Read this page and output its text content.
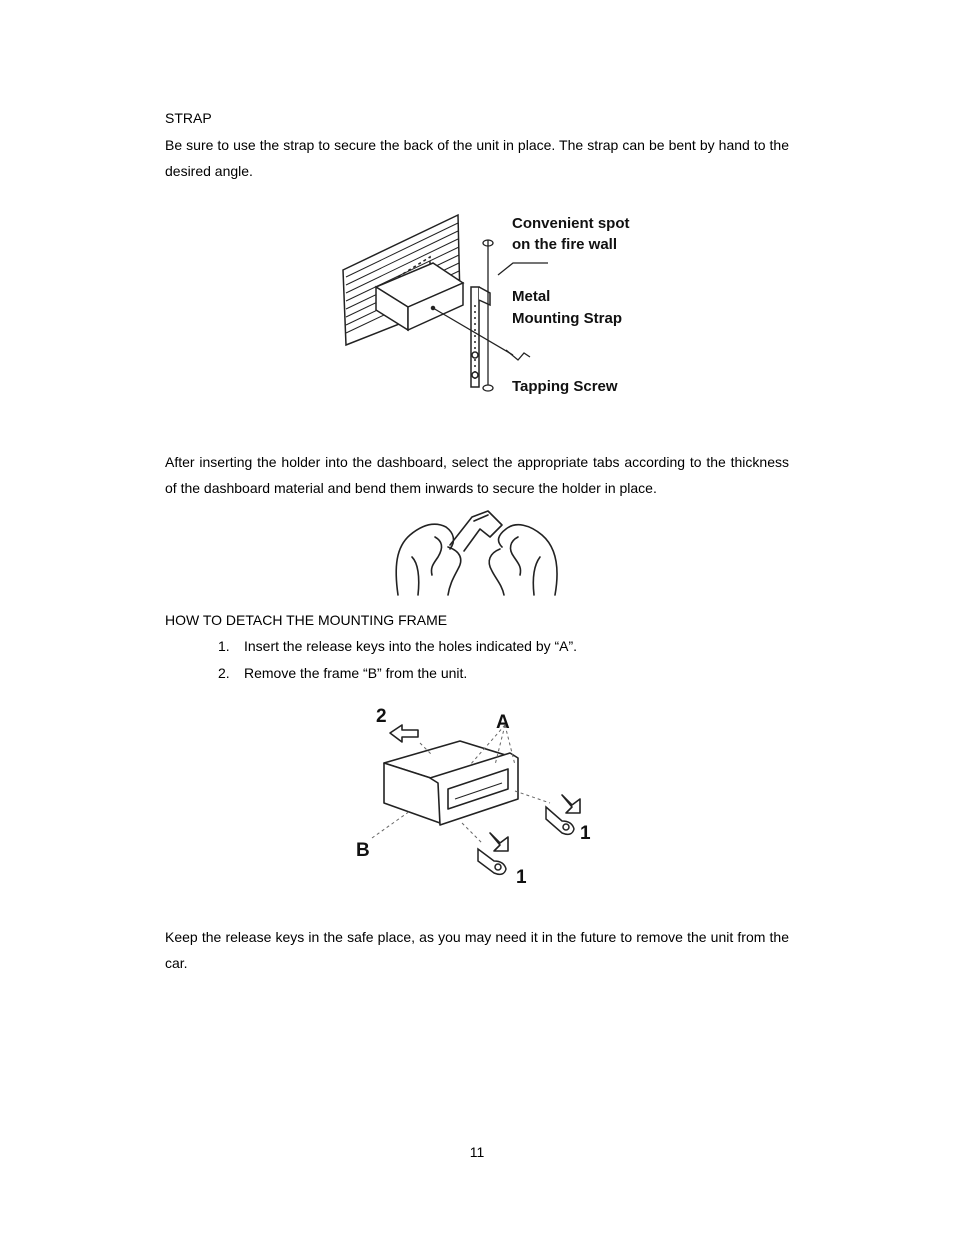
STRAP

Be sure to use the strap to secure the back of the unit in place. The strap can be bent by hand to the desired angle.

Convenient spot
on the fire wall
Metal
Mounting Strap
Tapping Screw

After inserting the holder into the dashboard, select the appropriate tabs according to the thickness of the dashboard material and bend them inwards to secure the holder in place.

HOW TO DETACH THE MOUNTING FRAME
1. Insert the release keys into the holes indicated by “A”.
2. Remove the frame “B” from the unit.
2	A
B
1
1

Keep the release keys in the safe place, as you may need it in the future to remove the unit from the car.

11
